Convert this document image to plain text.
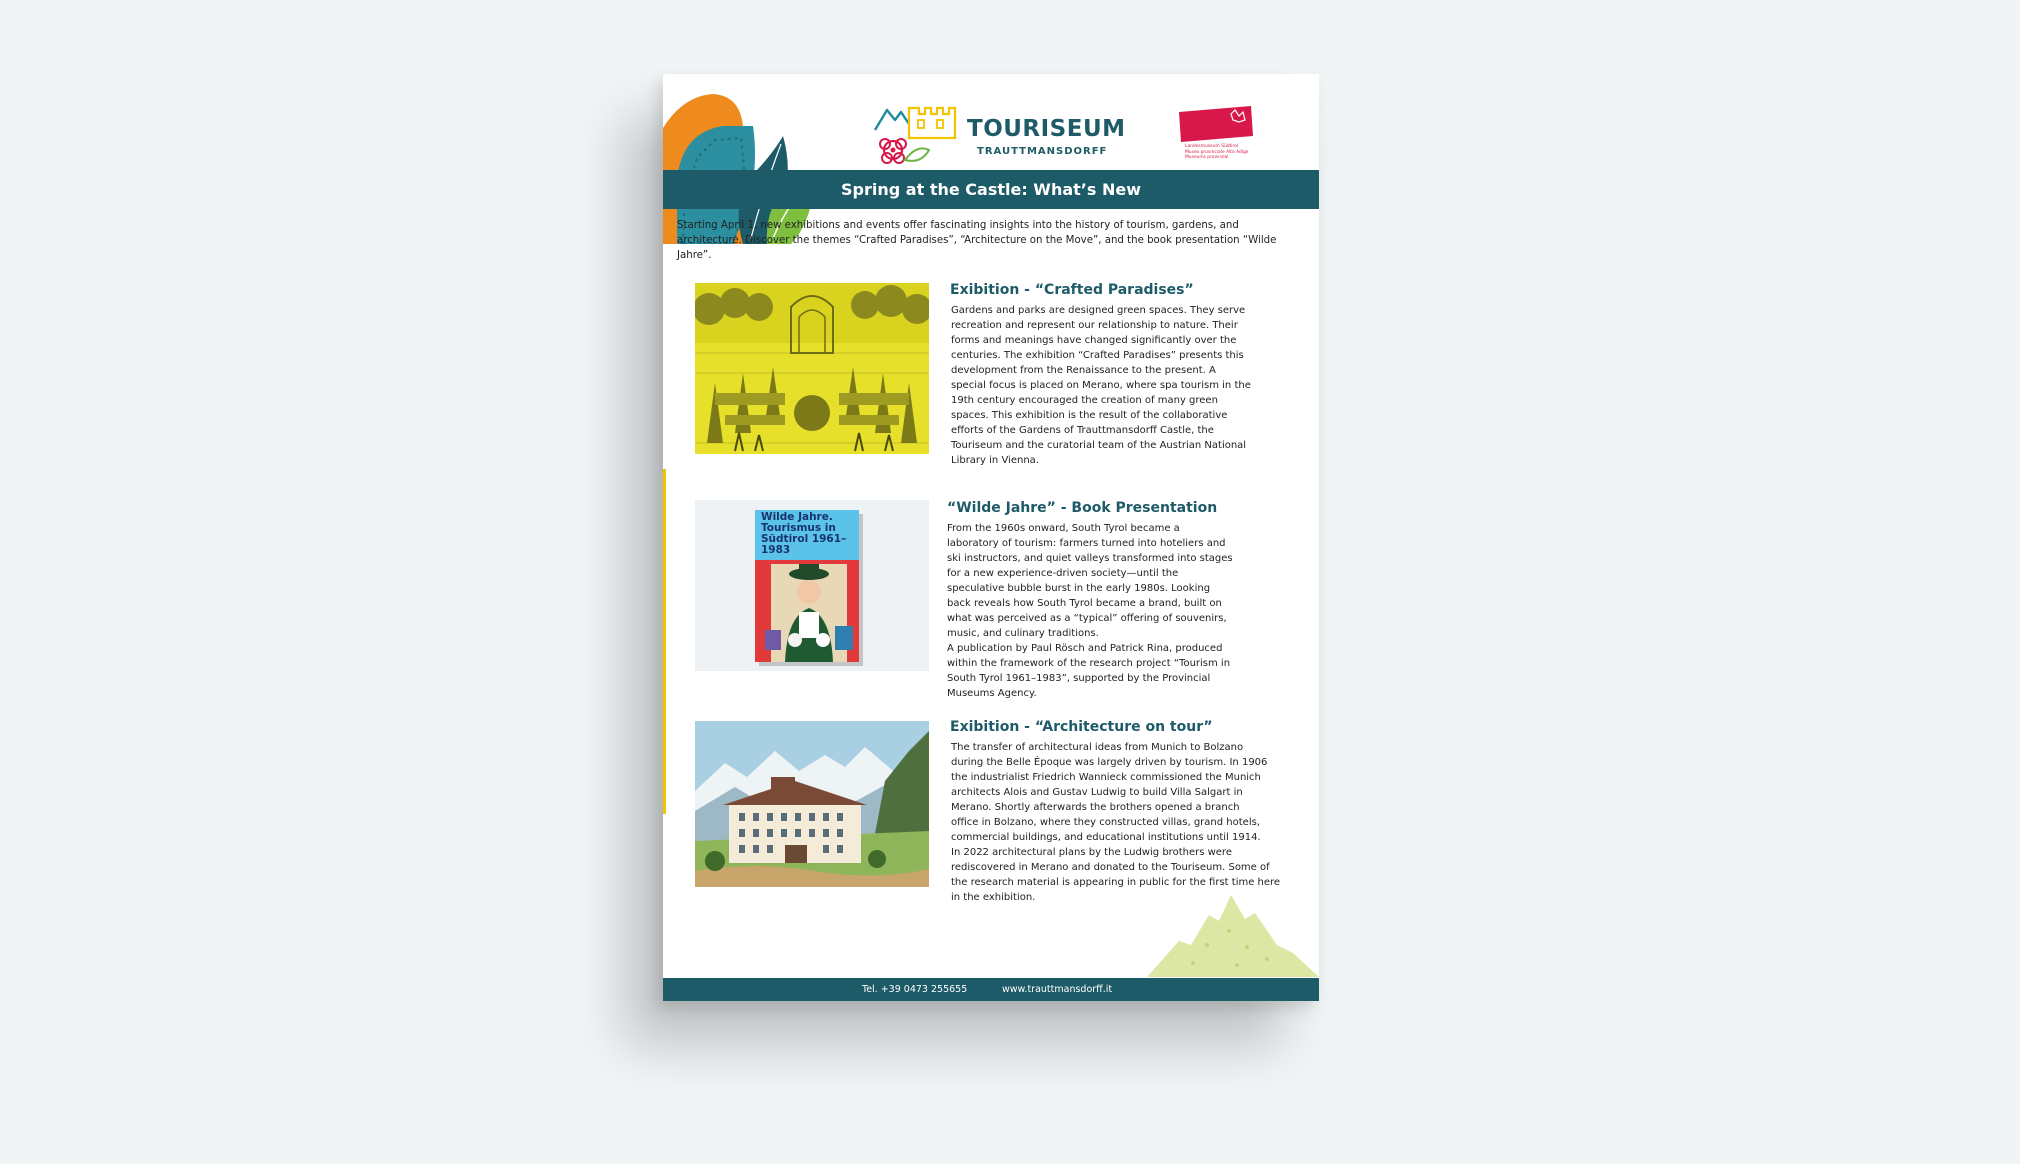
TOURISEUM
TRAUTTMANSDORFF	Landesmuseum Südtirol
Museo provinciale Alto Adige
Museums provinzial
Spring at the Castle: What’s New
Starting April 1, new exhibitions and events offer fascinating insights into the history of tourism, gardens, and architecture. Discover the themes “Crafted Paradises”, “Architecture on the Move”, and the book presentation “Wilde Jahre”.
Exibition - “Crafted Paradises”
Gardens and parks are designed green spaces. They serve
recreation and represent our relationship to nature. Their
forms and meanings have changed significantly over the
centuries. The exhibition “Crafted Paradises” presents this
development from the Renaissance to the present. A
special focus is placed on Merano, where spa tourism in the
19th century encouraged the creation of many green
spaces. This exhibition is the result of the collaborative
efforts of the Gardens of Trauttmansdorff Castle, the
Touriseum and the curatorial team of the Austrian National
Library in Vienna.
Wilde Jahre. Tourismus in Südtirol 1961–1983
“Wilde Jahre” - Book Presentation
From the 1960s onward, South Tyrol became a
laboratory of tourism: farmers turned into hoteliers and
ski instructors, and quiet valleys transformed into stages
for a new experience-driven society—until the
speculative bubble burst in the early 1980s. Looking
back reveals how South Tyrol became a brand, built on
what was perceived as a “typical” offering of souvenirs,
music, and culinary traditions.
A publication by Paul Rösch and Patrick Rina, produced
within the framework of the research project “Tourism in
South Tyrol 1961–1983”, supported by the Provincial
Museums Agency.
Exibition - “Architecture on tour”
The transfer of architectural ideas from Munich to Bolzano
during the Belle Époque was largely driven by tourism. In 1906
the industrialist Friedrich Wannieck commissioned the Munich
architects Alois and Gustav Ludwig to build Villa Salgart in
Merano. Shortly afterwards the brothers opened a branch
office in Bolzano, where they constructed villas, grand hotels,
commercial buildings, and educational institutions until 1914.
In 2022 architectural plans by the Ludwig brothers were
rediscovered in Merano and donated to the Touriseum. Some of
the research material is appearing in public for the first time here
in the exhibition.
Tel. +39 0473 255655	www.trauttmansdorff.it
